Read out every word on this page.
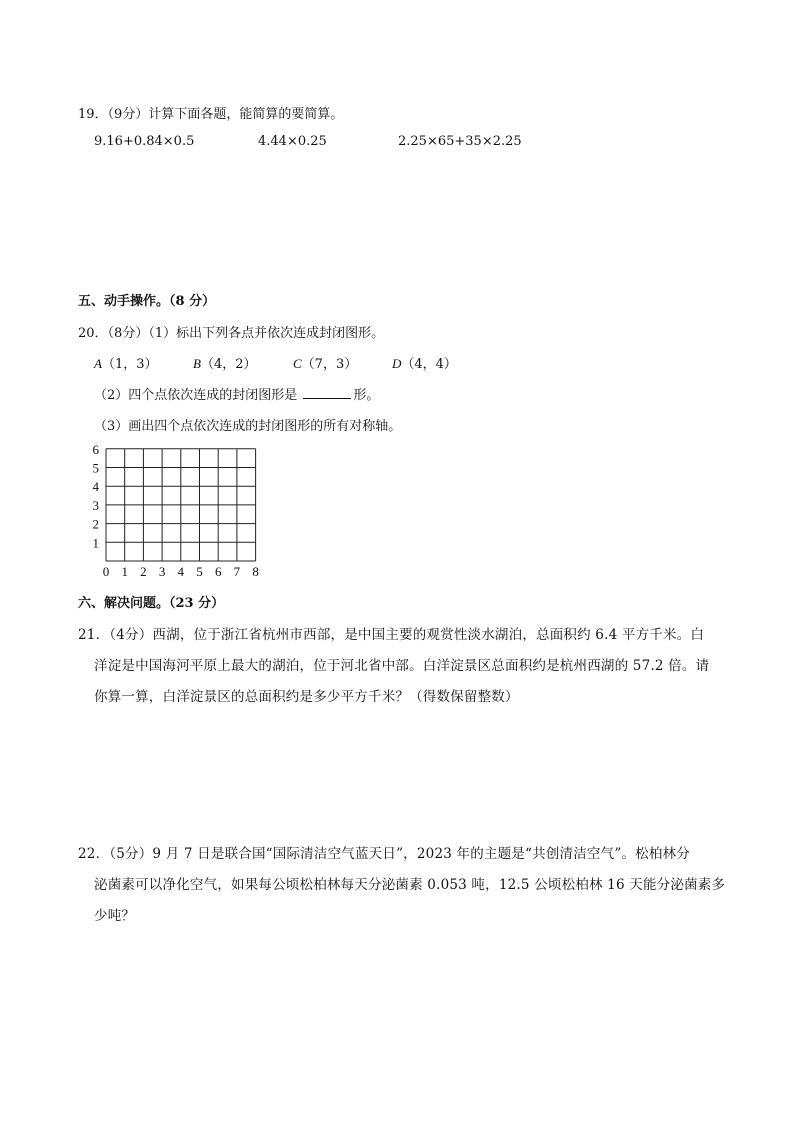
19．（9分）计算下面各题，能简算的要简算。
9.16+0.84×0.5	4.44×0.25	2.25×65+35×2.25
五、动手操作。（8 分）
20．（8分）（1）标出下列各点并依次连成封闭图形。
A（1，3）	B（4，2）	C（7，3）	D（4，4）
（2）四个点依次连成的封闭图形是	形。
（3）画出四个点依次连成的封闭图形的所有对称轴。
0 1 2 3 4 5 6 7 8
1
2
3
4
5
6
六、解决问题。（23 分）
21．（4分）西湖，位于浙江省杭州市西部，是中国主要的观赏性淡水湖泊，总面积约 6.4 平方千米。白
洋淀是中国海河平原上最大的湖泊，位于河北省中部。白洋淀景区总面积约是杭州西湖的 57.2 倍。请
你算一算，白洋淀景区的总面积约是多少平方千米？（得数保留整数）
22．（5分）9 月 7 日是联合国“国际清洁空气蓝天日”，2023 年的主题是“共创清洁空气”。松柏林分
泌菌素可以净化空气，如果每公顷松柏林每天分泌菌素 0.053 吨，12.5 公顷松柏林 16 天能分泌菌素多
少吨？
